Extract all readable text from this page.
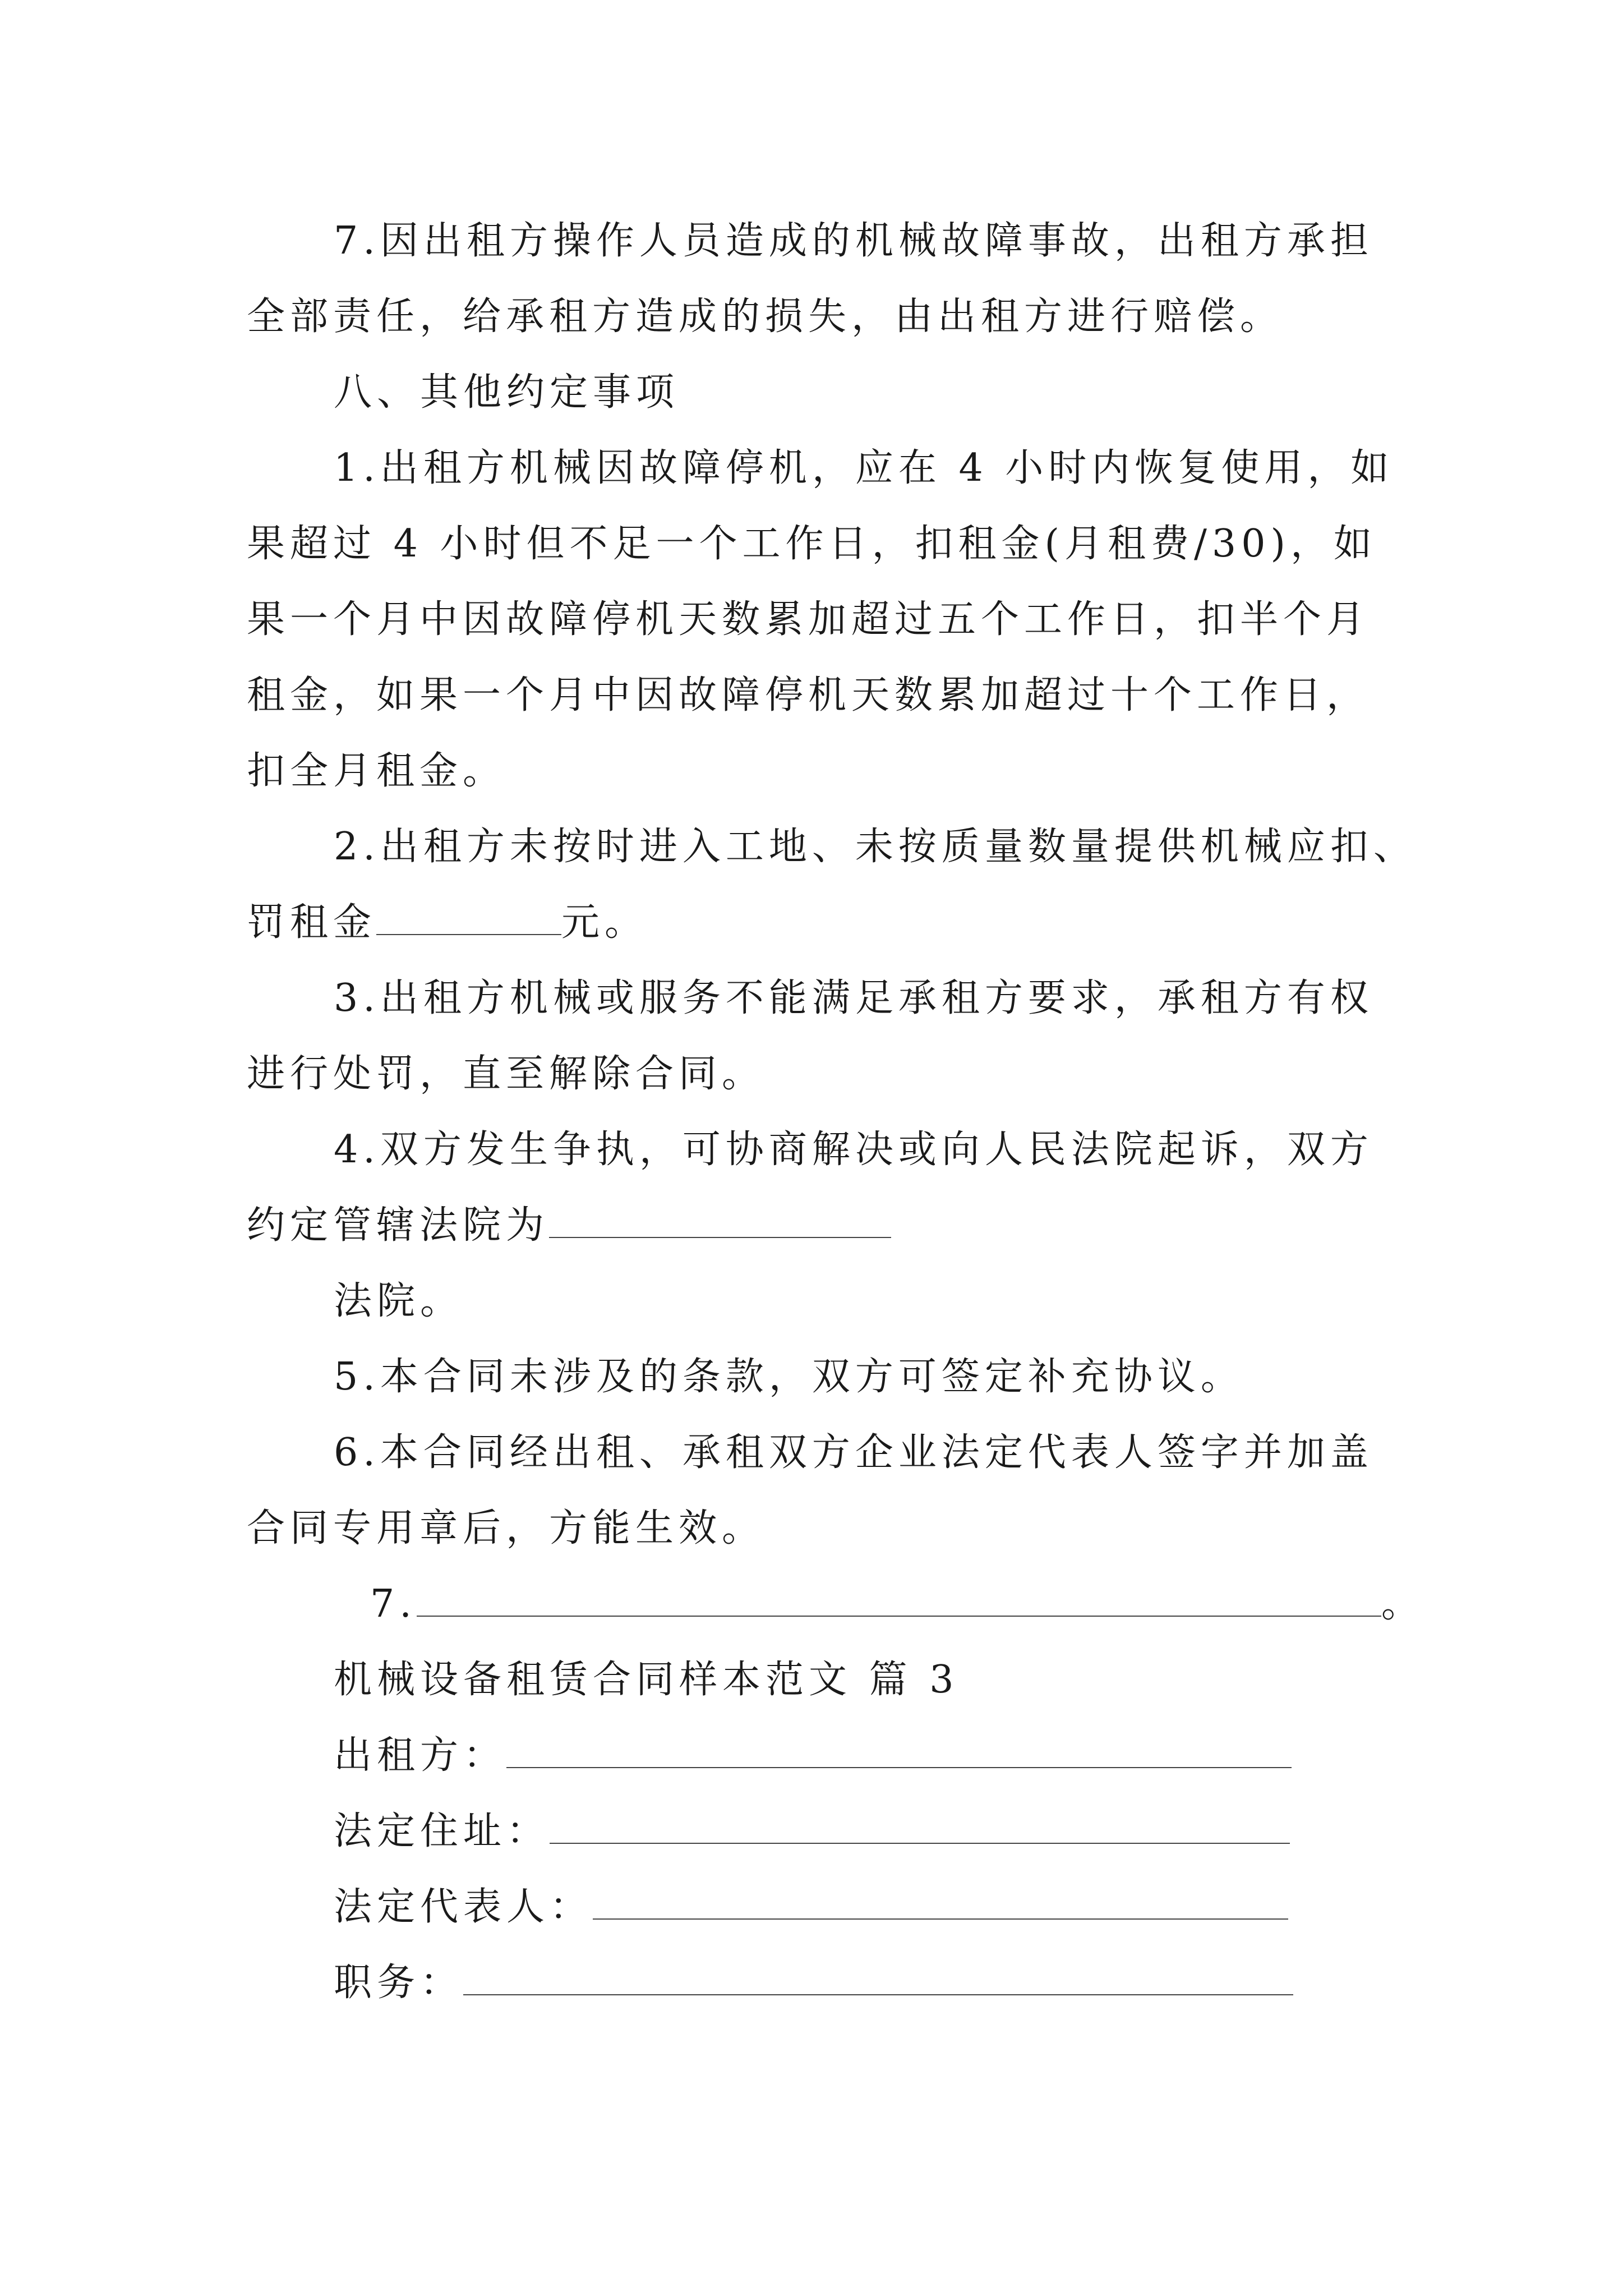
7.因出租方操作人员造成的机械故障事故，出租方承担
全部责任，给承租方造成的损失，由出租方进行赔偿。
八、其他约定事项
1.出租方机械因故障停机，应在 4 小时内恢复使用，如
果超过 4 小时但不足一个工作日，扣租金(月租费/30)，如
果一个月中因故障停机天数累加超过五个工作日，扣半个月
租金，如果一个月中因故障停机天数累加超过十个工作日，
扣全月租金。
2.出租方未按时进入工地、未按质量数量提供机械应扣、
罚租金	元。
3.出租方机械或服务不能满足承租方要求，承租方有权
进行处罚，直至解除合同。
4.双方发生争执，可协商解决或向人民法院起诉，双方
约定管辖法院为
法院。
5.本合同未涉及的条款，双方可签定补充协议。
6.本合同经出租、承租双方企业法定代表人签字并加盖
合同专用章后，方能生效。
7.	。
机械设备租赁合同样本范文 篇 3
出租方：
法定住址：
法定代表人：
职务：
